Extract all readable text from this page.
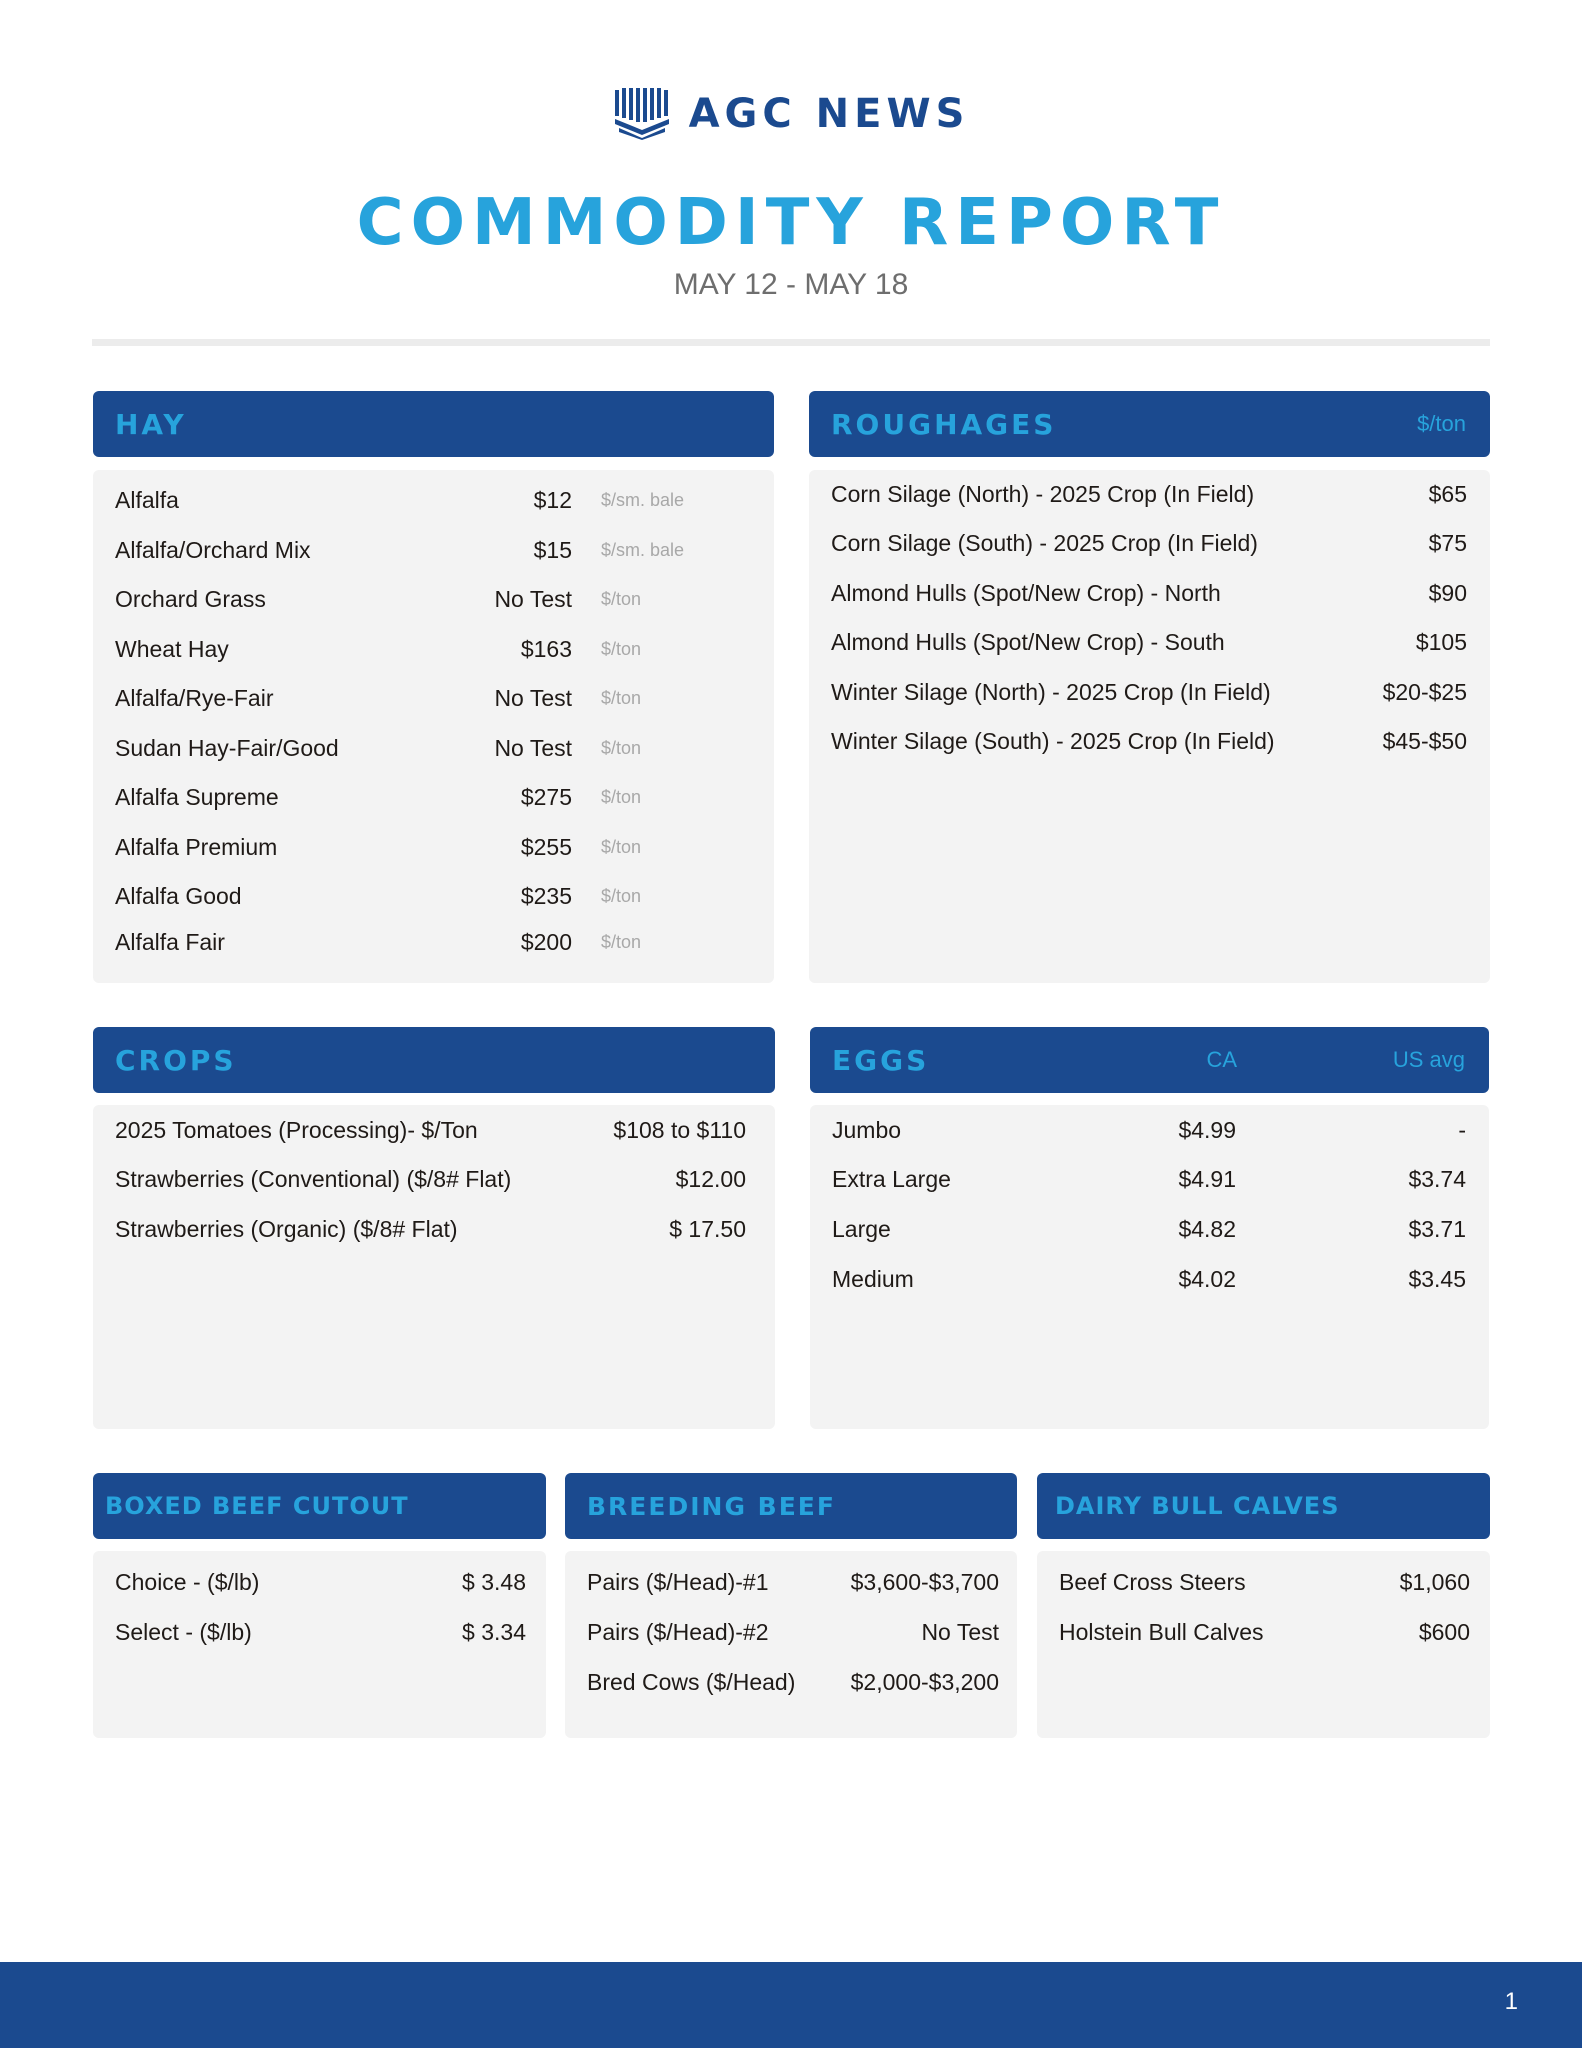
AGC NEWS
COMMODITY REPORT
MAY 12 - MAY 18
HAY
Alfalfa	$12 $/sm. bale
Alfalfa/Orchard Mix	$15 $/sm. bale
Orchard Grass	No Test $/ton
Wheat Hay	$163 $/ton
Alfalfa/Rye-Fair	No Test $/ton
Sudan Hay-Fair/Good	No Test $/ton
Alfalfa Supreme	$275 $/ton
Alfalfa Premium	$255 $/ton
Alfalfa Good	$235 $/ton
Alfalfa Fair	$200 $/ton
ROUGHAGES	$/ton
Corn Silage (North) - 2025 Crop (In Field)	$65
Corn Silage (South) - 2025 Crop (In Field)	$75
Almond Hulls (Spot/New Crop) - North	$90
Almond Hulls (Spot/New Crop) - South	$105
Winter Silage (North) - 2025 Crop (In Field)	$20-$25
Winter Silage (South) - 2025 Crop (In Field)	$45-$50
CROPS
2025 Tomatoes (Processing)- $/Ton	$108 to $110
Strawberries (Conventional) ($/8# Flat)	$12.00
Strawberries (Organic) ($/8# Flat)	$ 17.50
EGGS	CA	US avg
Jumbo	$4.99	-
Extra Large	$4.91	$3.74
Large	$4.82	$3.71
Medium	$4.02	$3.45
BOXED BEEF CUTOUT
Choice - ($/lb)	$ 3.48
Select - ($/lb)	$ 3.34
BREEDING BEEF
Pairs ($/Head)-#1	$3,600-$3,700
Pairs ($/Head)-#2	No Test
Bred Cows ($/Head) $2,000-$3,200
DAIRY BULL CALVES
Beef Cross Steers	$1,060
Holstein Bull Calves	$600
1
